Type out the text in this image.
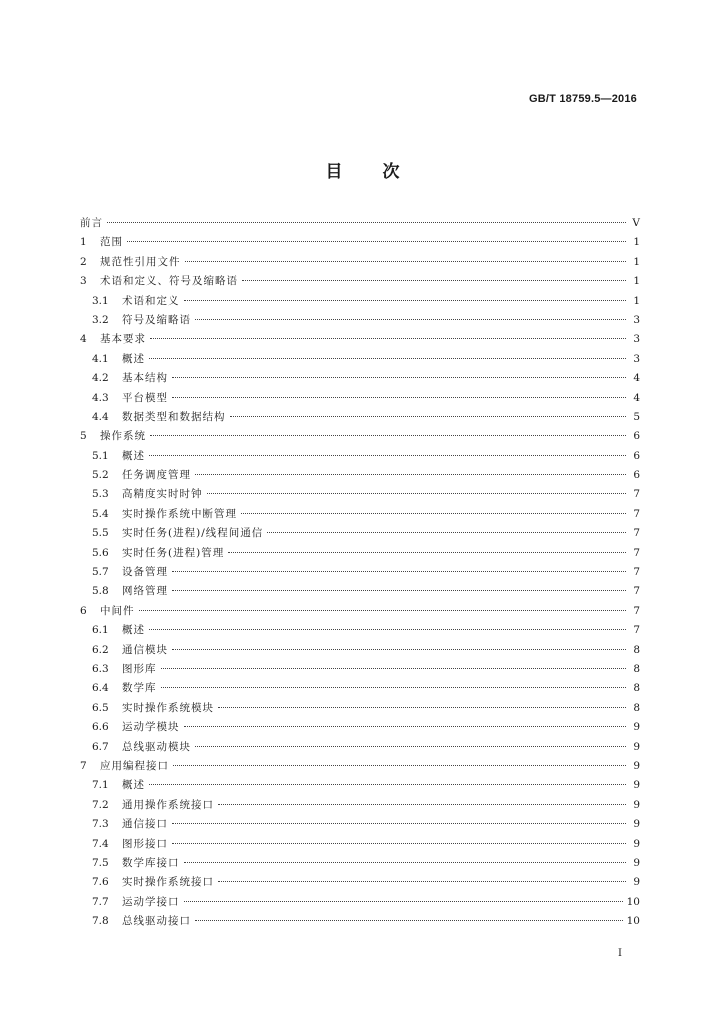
GB/T 18759.5—2016
目次
前言	Ⅴ
1	范围	1
2	规范性引用文件	1
3	术语和定义、符号及缩略语	1
3.1	术语和定义	1
3.2	符号及缩略语	3
4	基本要求	3
4.1	概述	3
4.2	基本结构	4
4.3	平台模型	4
4.4	数据类型和数据结构	5
5	操作系统	6
5.1	概述	6
5.2	任务调度管理	6
5.3	高精度实时时钟	7
5.4	实时操作系统中断管理	7
5.5	实时任务(进程)/线程间通信	7
5.6	实时任务(进程)管理	7
5.7	设备管理	7
5.8	网络管理	7
6	中间件	7
6.1	概述	7
6.2	通信模块	8
6.3	图形库	8
6.4	数学库	8
6.5	实时操作系统模块	8
6.6	运动学模块	9
6.7	总线驱动模块	9
7	应用编程接口	9
7.1	概述	9
7.2	通用操作系统接口	9
7.3	通信接口	9
7.4	图形接口	9
7.5	数学库接口	9
7.6	实时操作系统接口	9
7.7	运动学接口	10
7.8	总线驱动接口	10
I
